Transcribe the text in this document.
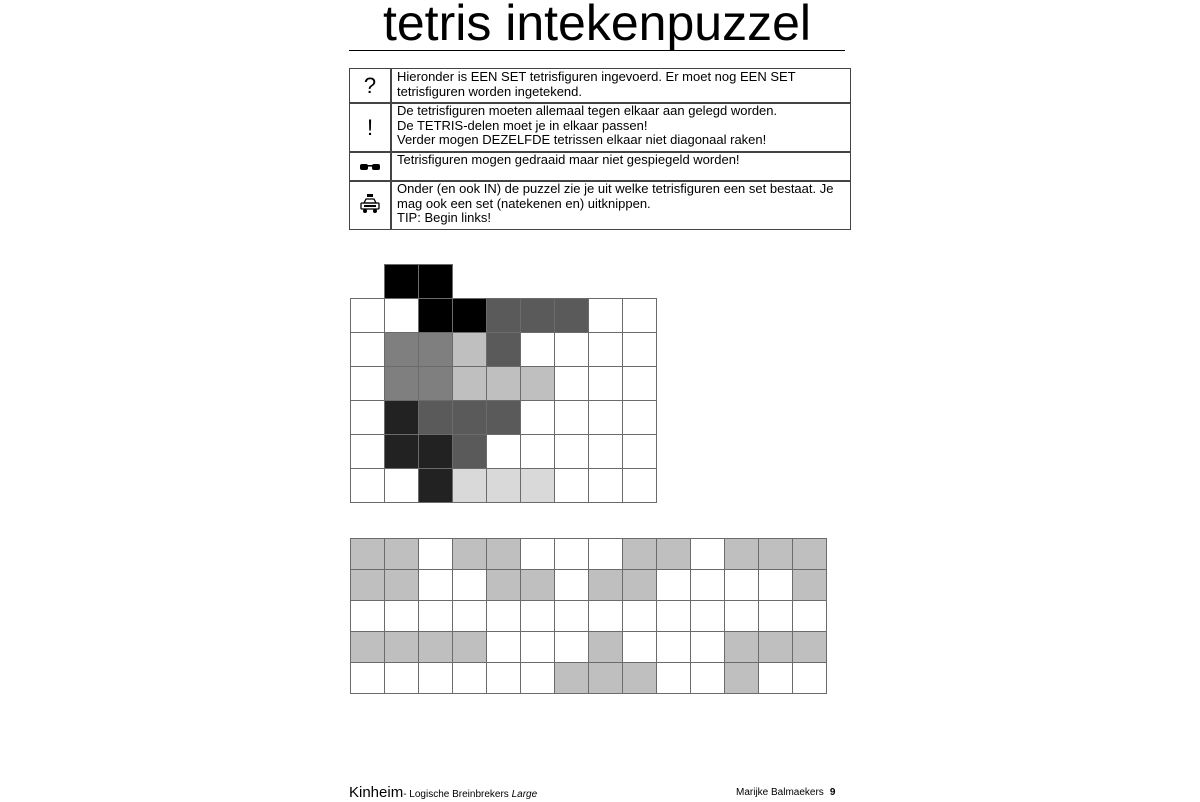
tetris intekenpuzzel
?	Hieronder is EEN SET tetrisfiguren ingevoerd. Er moet nog EEN SET
tetrisfiguren worden ingetekend.
!
De tetrisfiguren moeten allemaal tegen elkaar aan gelegd worden.
De TETRIS-delen moet je in elkaar passen!
Verder mogen DEZELFDE tetrissen elkaar niet diagonaal raken!
Tetrisfiguren mogen gedraaid maar niet gespiegeld worden!
Onder (en ook IN) de puzzel zie je uit welke tetrisfiguren een set bestaat. Je
mag ook een set (natekenen en) uitknippen.
TIP: Begin links!
Kinheim- Logische Breinbrekers Large	Marijke Balmaekers 9
